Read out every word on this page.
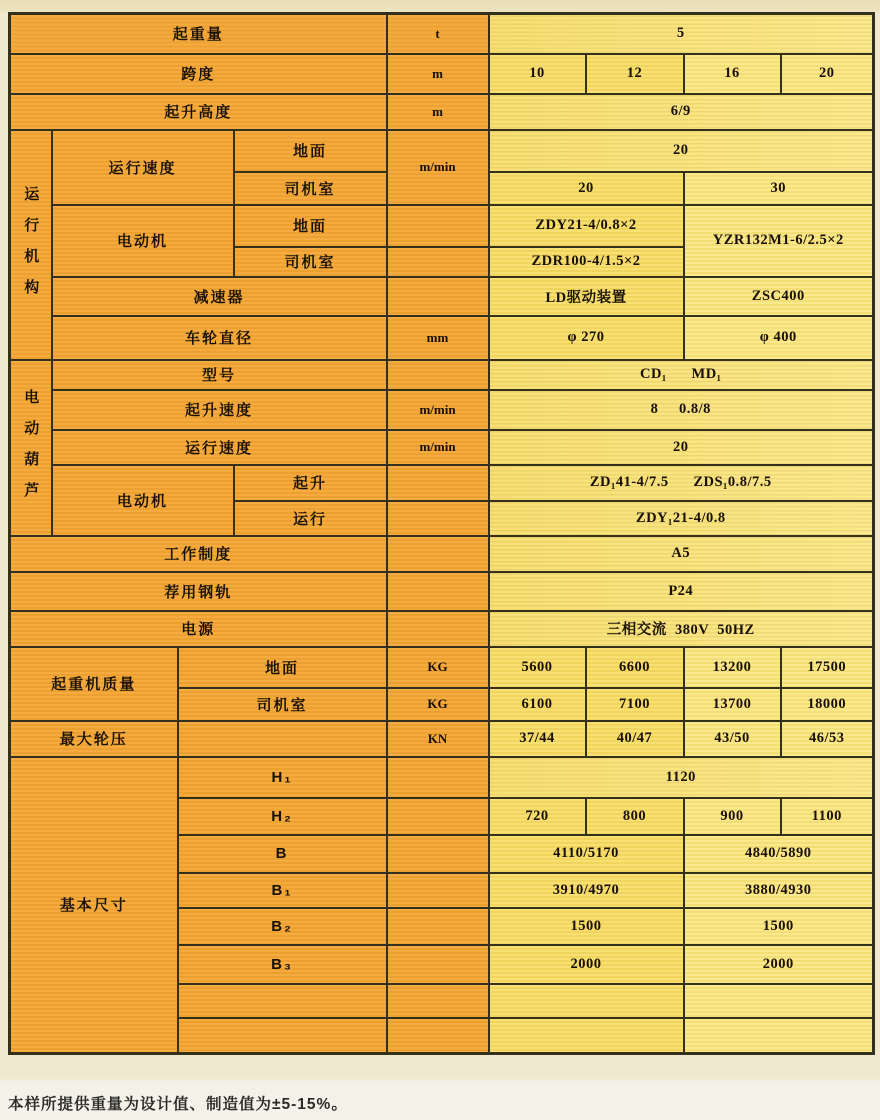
起重量				t	5			
跨度				m	10	12	16	20
起升高度				m	6/9			
运行机构	运行速度		地面	m/min	20			
			司机室		20		30	
	电动机		地面		ZDY21-4/0.8×2		YZR132M1-6/2.5×2	
			司机室		ZDR100-4/1.5×2			
	减速器				LD驱动装置		ZSC400	
	车轮直径			mm	φ 270		φ 400	
电动葫芦	型号				CD₁      MD₁			
	起升速度			m/min	8     0.8/8			
	运行速度			m/min	20			
	电动机		起升		ZD₁41-4/7.5      ZDS₁0.8/7.5			
			运行		ZDY₁21-4/0.8			
工作制度					A5			
荐用钢轨					P24			
电源					三相交流  380V  50HZ			
起重机质量		地面		KG	5600	6600	13200	17500
		司机室		KG	6100	7100	13700	18000
最大轮压				KN	37/44	40/47	43/50	46/53
基本尺寸		H₁			1120			
		H₂			720	800	900	1100
		B			4110/5170		4840/5890	
		B₁			3910/4970		3880/4930	
		B₂			1500		1500	
		B₃			2000		2000	

本样所提供重量为设计值、制造值为±5-15%。
